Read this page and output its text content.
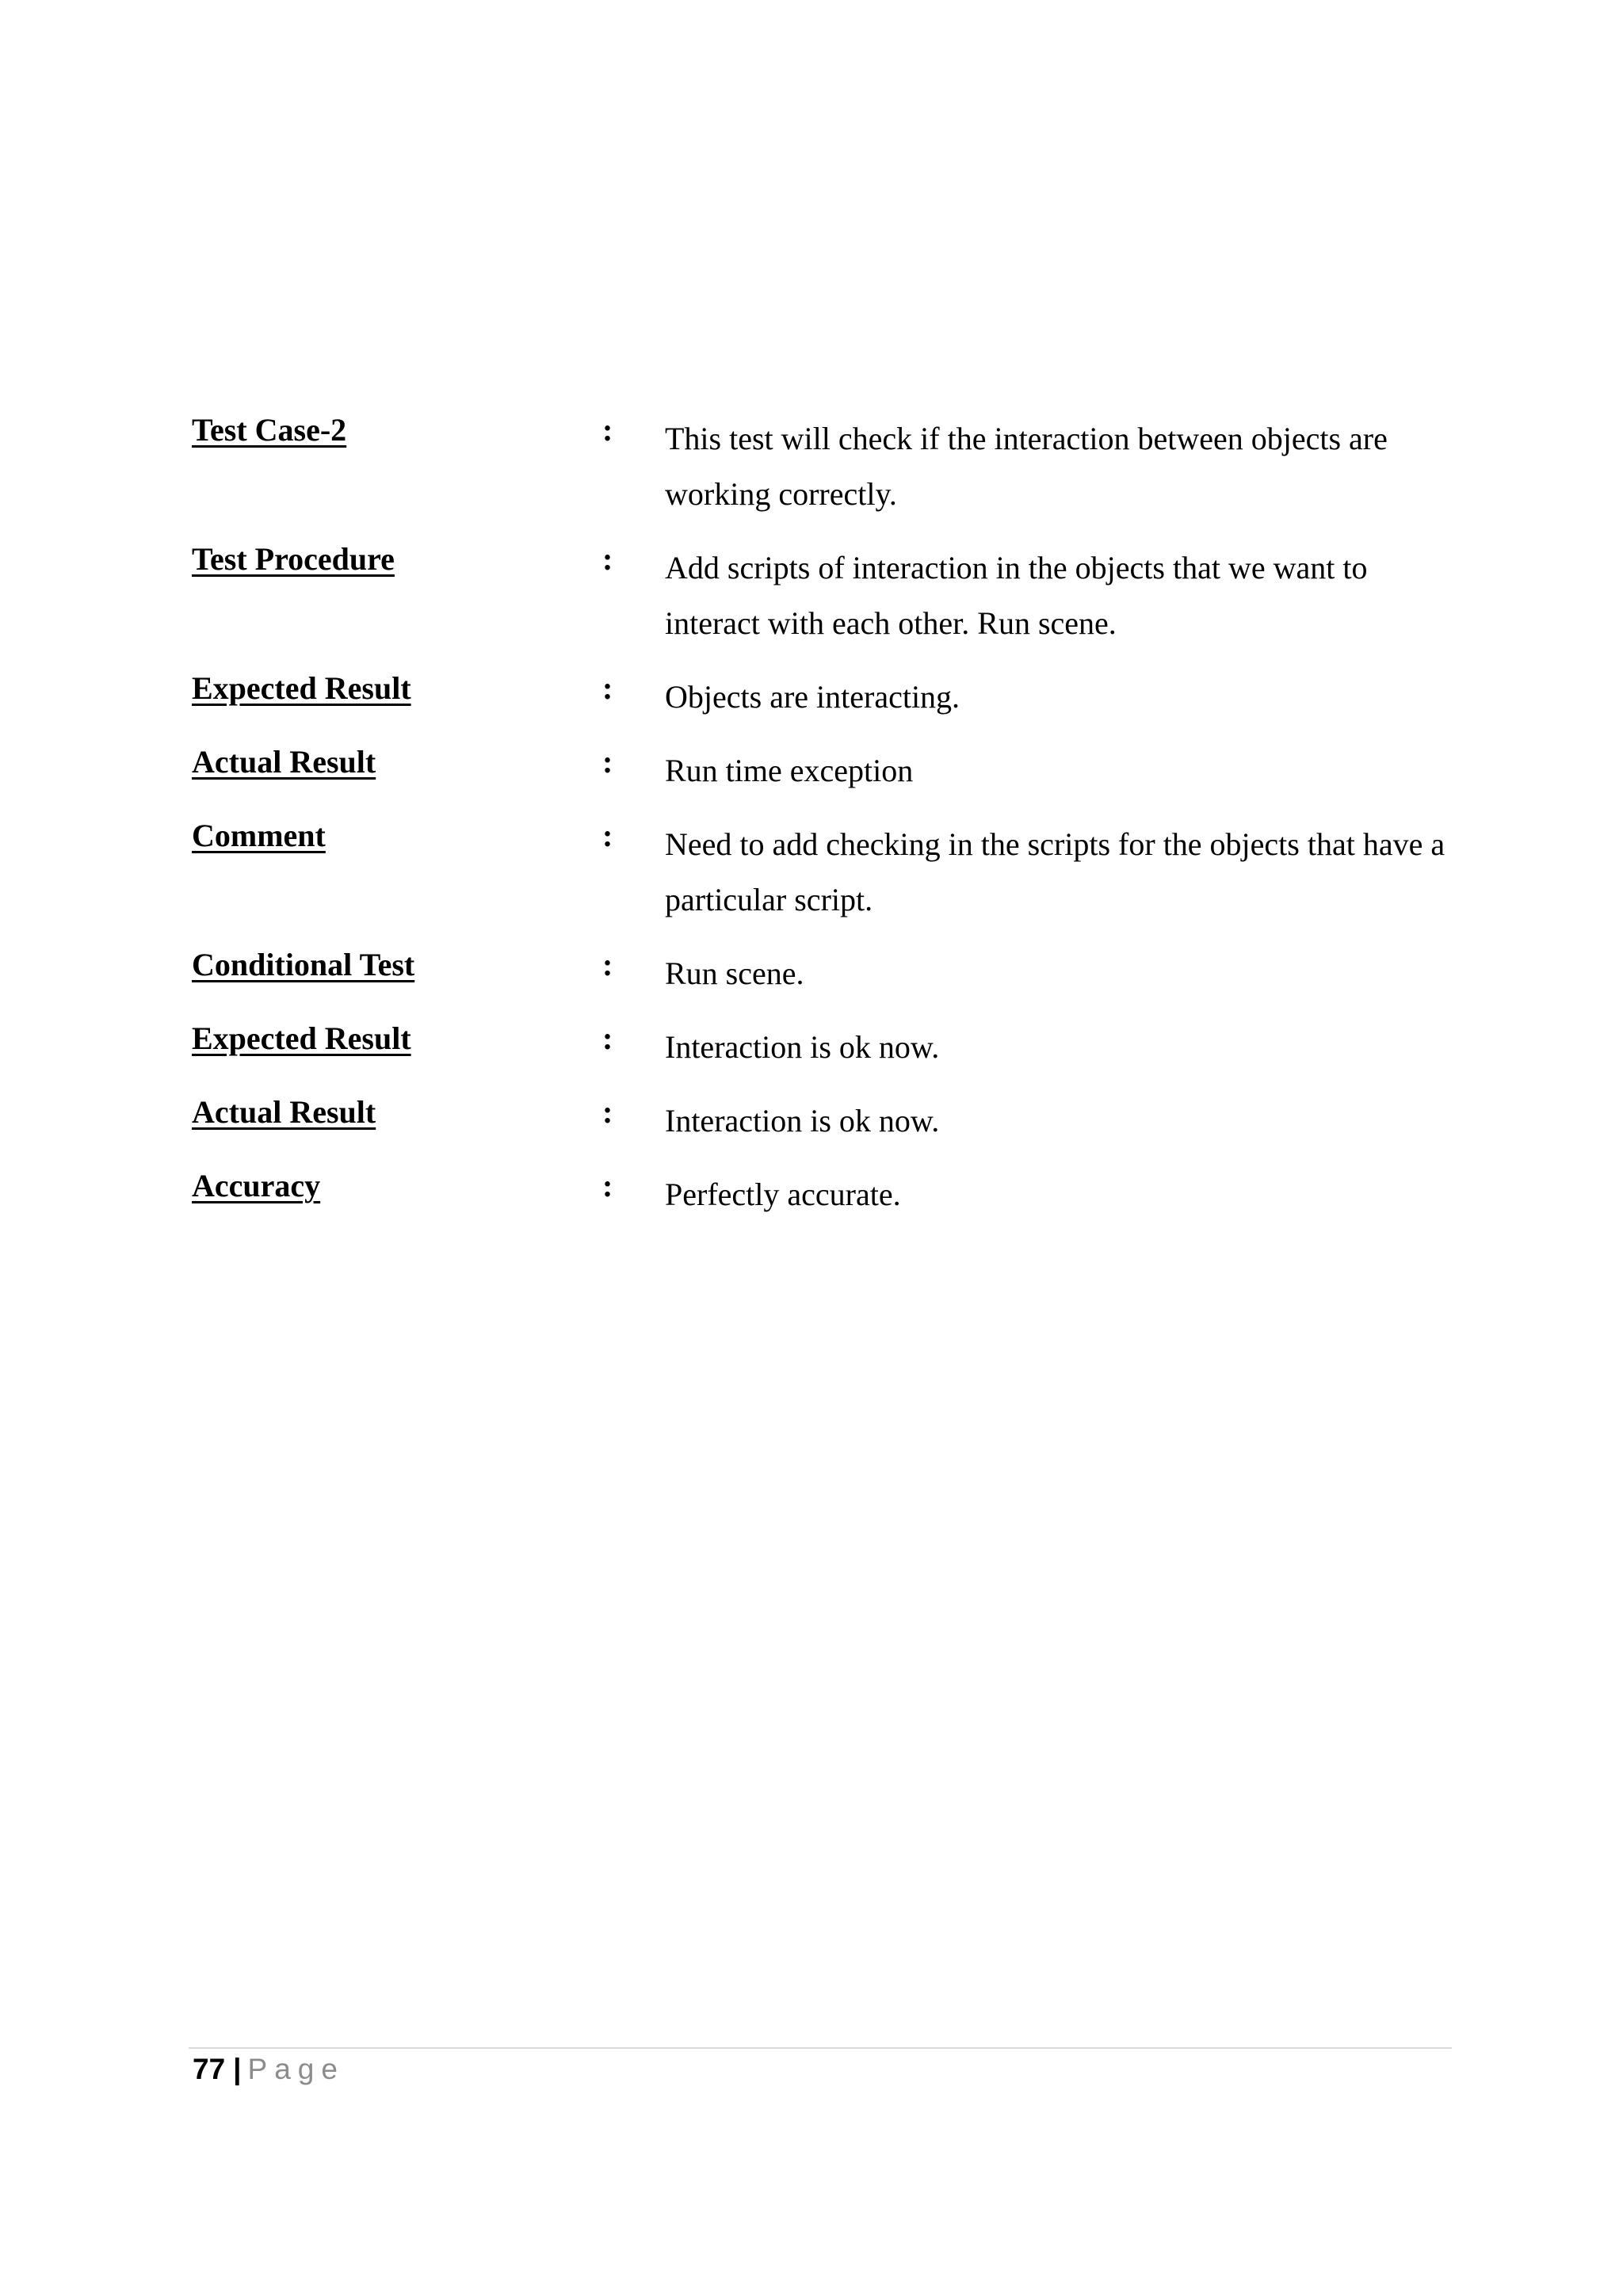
Test Case-2	: This test will check if the interaction between objects are working correctly.
Test Procedure	: Add scripts of interaction in the objects that we want to interact with each other. Run scene.
Expected Result	: Objects are interacting.
Actual Result	: Run time exception
Comment	: Need to add checking in the scripts for the objects that have a particular script.
Conditional Test	: Run scene.
Expected Result	: Interaction is ok now.
Actual Result	: Interaction is ok now.
Accuracy	: Perfectly accurate.
77 | Page
